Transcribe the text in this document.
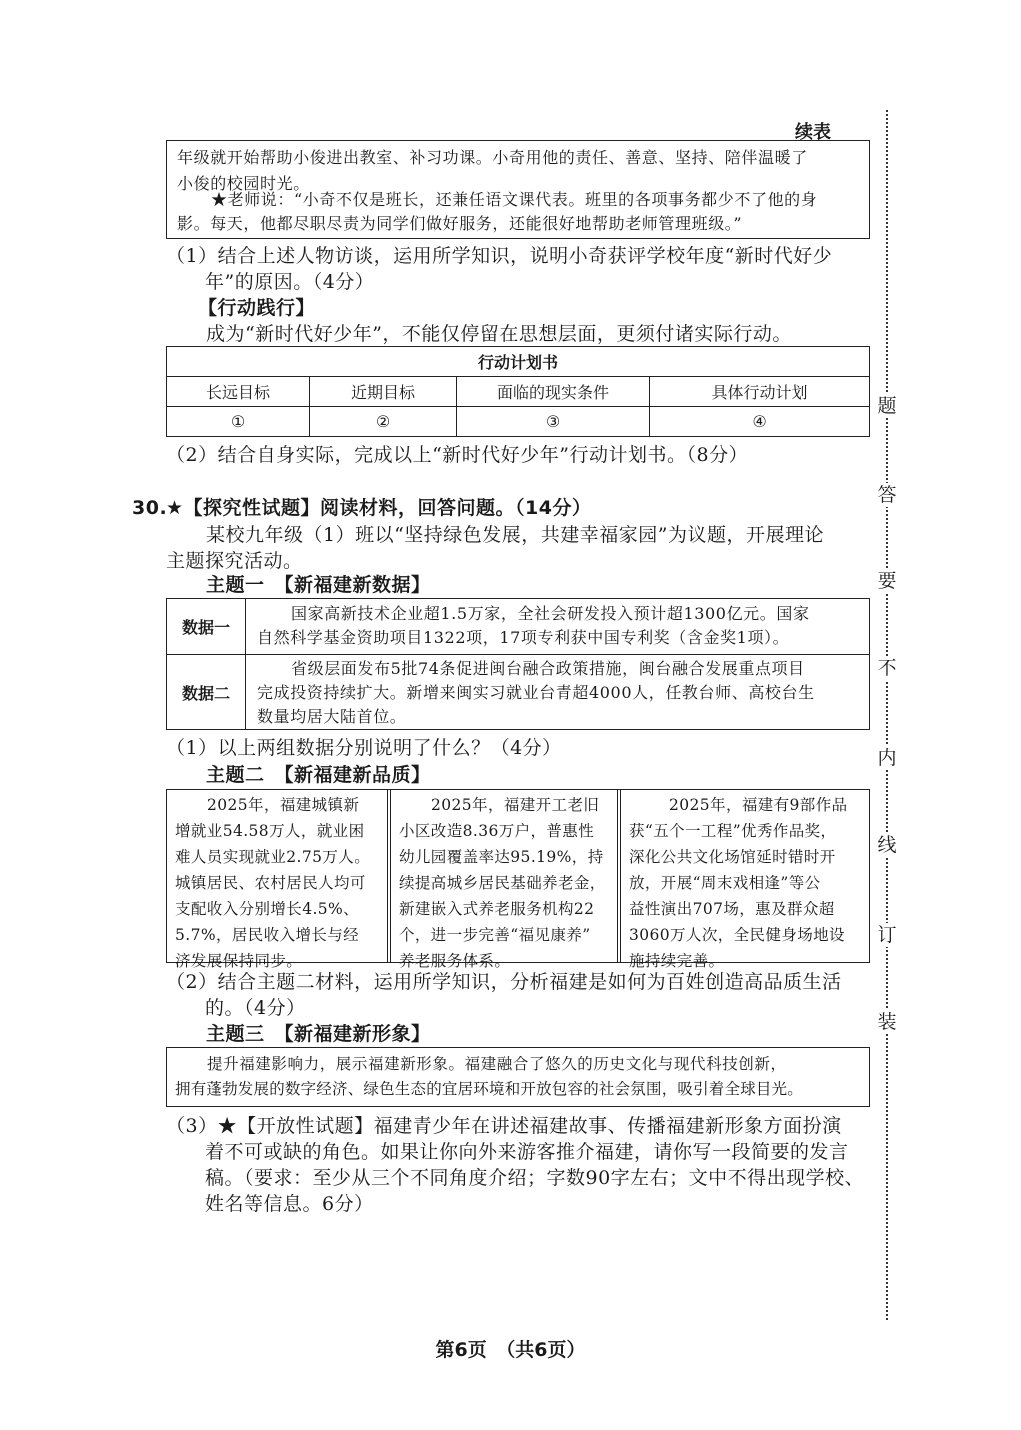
续表
年级就开始帮助小俊进出教室、补习功课。小奇用他的责任、善意、坚持、陪伴温暖了
小俊的校园时光。
★老师说：“小奇不仅是班长，还兼任语文课代表。班里的各项事务都少不了他的身
影。每天，他都尽职尽责为同学们做好服务，还能很好地帮助老师管理班级。”
（1）结合上述人物访谈，运用所学知识，说明小奇获评学校年度“新时代好少
年”的原因。（4分）
【行动践行】
成为“新时代好少年”，不能仅停留在思想层面，更须付诸实际行动。
行动计划书			
长远目标	近期目标	面临的现实条件	具体行动计划
①	②	③	④
（2）结合自身实际，完成以上“新时代好少年”行动计划书。（8分）
30.
★【探究性试题】阅读材料，回答问题。（14分）
某校九年级（1）班以“坚持绿色发展，共建幸福家园”为议题，开展理论
主题探究活动。
主题一　【新福建新数据】
数据一
国家高新技术企业超1.5万家，全社会研发投入预计超1300亿元。国家
自然科学基金资助项目1322项，17项专利获中国专利奖（含金奖1项）。
数据二
省级层面发布5批74条促进闽台融合政策措施，闽台融合发展重点项目
完成投资持续扩大。新增来闽实习就业台青超4000人，任教台师、高校台生
数量均居大陆首位。
（1）以上两组数据分别说明了什么？（4分）
主题二　【新福建新品质】
2025年，福建城镇新
增就业54.58万人，就业困
难人员实现就业2.75万人。
城镇居民、农村居民人均可
支配收入分别增长4.5%、
5.7%，居民收入增长与经
济发展保持同步。
2025年，福建开工老旧
小区改造8.36万户，普惠性
幼儿园覆盖率达95.19%，持
续提高城乡居民基础养老金，
新建嵌入式养老服务机构22
个，进一步完善“福见康养”
养老服务体系。
2025年，福建有9部作品
获“五个一工程”优秀作品奖，
深化公共文化场馆延时错时开
放，开展“周末戏相逢”等公
益性演出707场，惠及群众超
3060万人次，全民健身场地设
施持续完善。
（2）结合主题二材料，运用所学知识，分析福建是如何为百姓创造高品质生活
的。（4分）
主题三　【新福建新形象】
提升福建影响力，展示福建新形象。福建融合了悠久的历史文化与现代科技创新，
拥有蓬勃发展的数字经济、绿色生态的宜居环境和开放包容的社会氛围，吸引着全球目光。
（3）★【开放性试题】福建青少年在讲述福建故事、传播福建新形象方面扮演
着不可或缺的角色。如果让你向外来游客推介福建，请你写一段简要的发言
稿。（要求：至少从三个不同角度介绍；字数90字左右；文中不得出现学校、
姓名等信息。6分）
题
答
要
不
内
线
订
装
第6页　（共6页）
